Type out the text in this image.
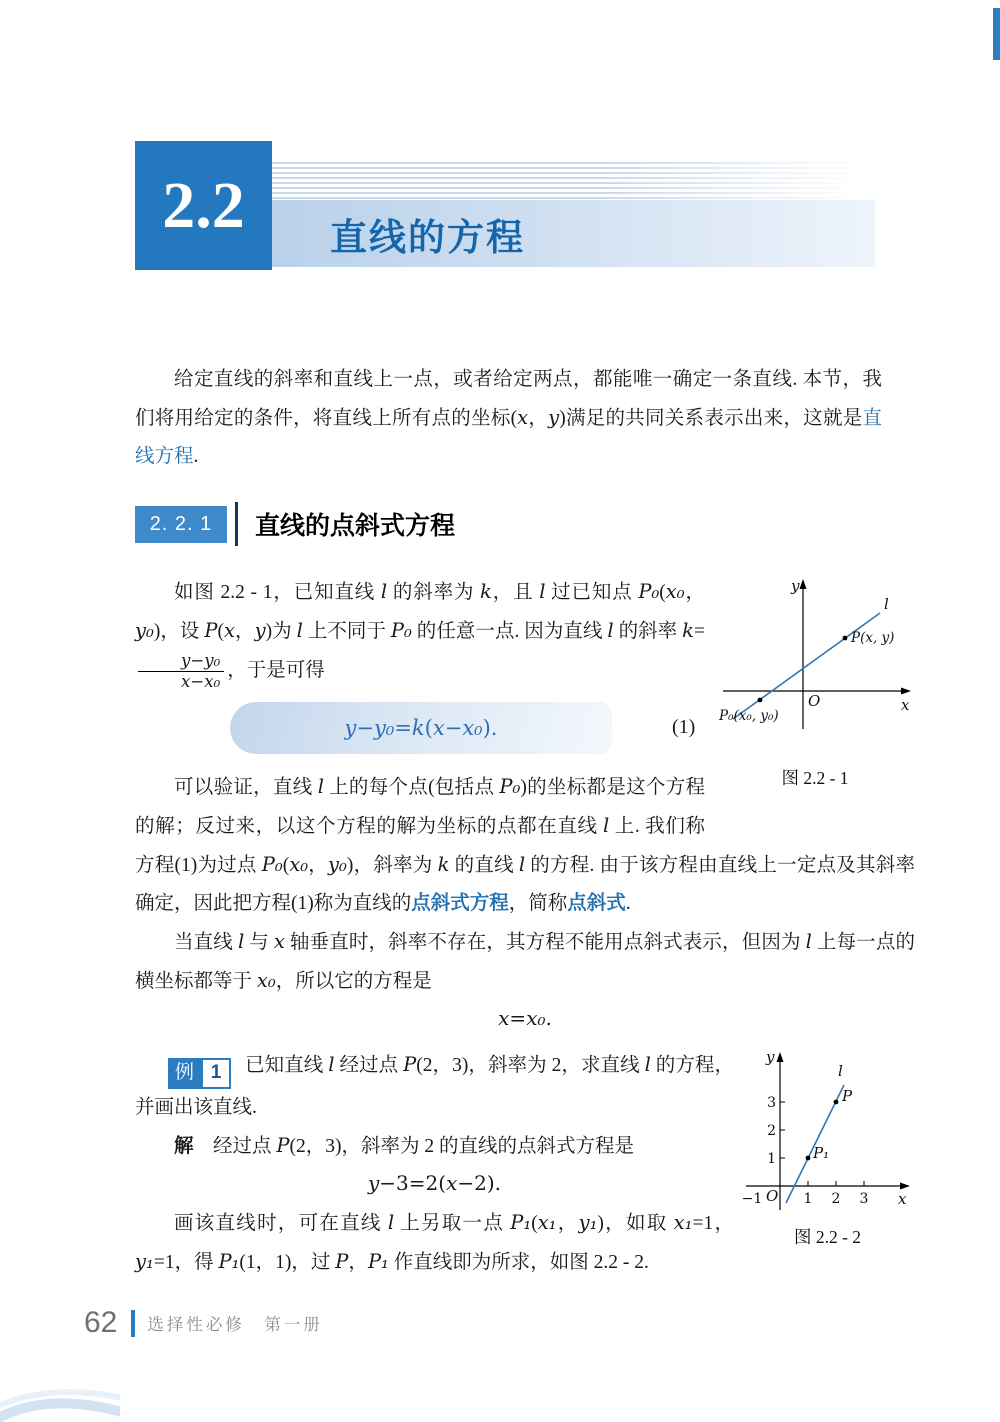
2.2 直线的方程

给定直线的斜率和直线上一点，或者给定两点，都能唯一确定一条直线. 本节，我们将用给定的条件，将直线上所有点的坐标(x，y)满足的共同关系表示出来，这就是直线方程.

2. 2. 1	直线的点斜式方程
y
x
O
l
P(x, y)
P₀(x₀, y₀)
图 2.2 - 1

如图 2.2 - 1，已知直线 l 的斜率为 k，且 l 过已知点 P₀(x₀，y₀)，设 P(x，y)为 l 上不同于 P₀ 的任意一点. 因为直线 l 的斜率 k=
$\frac{\text{y−y₀}}{\text{x−x₀}}$ ，于是可得

y − y₀ = k ( x − x₀ ).	(1)

可以验证，直线 l 上的每个点(包括点 P₀)的坐标都是这个方程的解；反过来，以这个方程的解为坐标的点都在直线 l 上. 我们称方程(1)为过点 P₀(x₀，y₀)，斜率为 k 的直线 l 的方程. 由于该方程由直线上一定点及其斜率确定，因此把方程(1)称为直线的点斜式方程，简称点斜式.

当直线 l 与 x 轴垂直时，斜率不存在，其方程不能用点斜式表示，但因为 l 上每一点的横坐标都等于 x₀，所以它的方程是

x=x₀.

y
x
O
l
P
P₁
1 2 3
1
2
3
−1
图 2.2 - 2

例 1 已知直线 l 经过点 P(2，3)，斜率为 2，求直线 l 的方程，并画出该直线.

解　经过点 P(2，3)，斜率为 2 的直线的点斜式方程是

y−3=2(x−2).

画该直线时，可在直线 l 上另取一点 P₁(x₁，y₁)，如取 x₁=1，y₁=1，得 P₁(1，1)，过 P，P₁ 作直线即为所求，如图 2.2 - 2.

62 选择性必修　第一册
